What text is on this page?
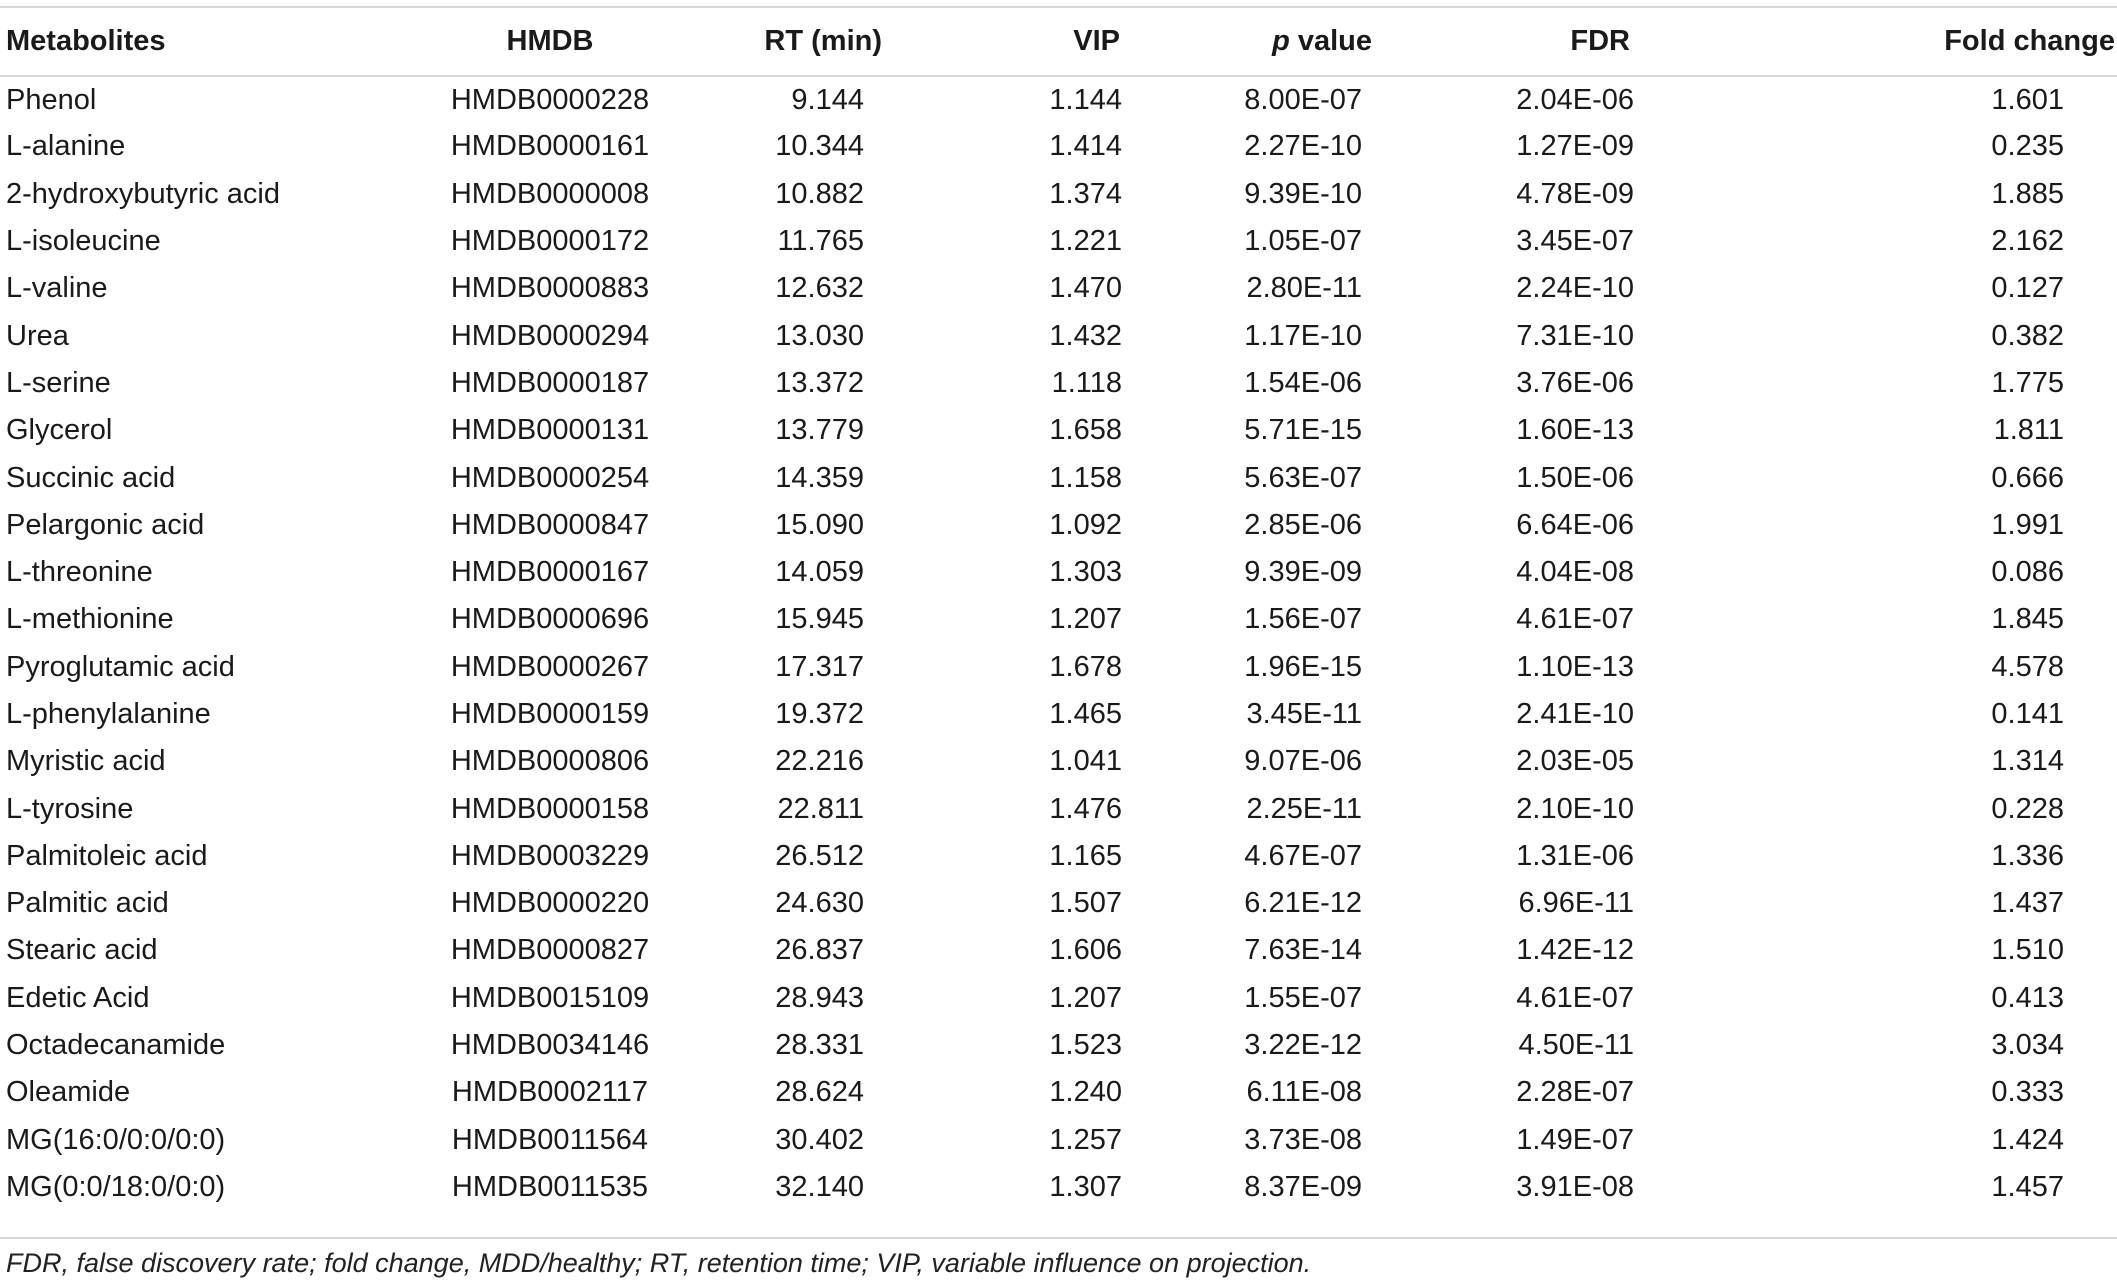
Metabolites	HMDB	RT (min)	VIP	p value	FDR	Fold change
Phenol	HMDB0000228	9.144	1.144	8.00E-07	2.04E-06	1.601
L-alanine	HMDB0000161	10.344	1.414	2.27E-10	1.27E-09	0.235
2-hydroxybutyric acid	HMDB0000008	10.882	1.374	9.39E-10	4.78E-09	1.885
L-isoleucine	HMDB0000172	11.765	1.221	1.05E-07	3.45E-07	2.162
L-valine	HMDB0000883	12.632	1.470	2.80E-11	2.24E-10	0.127
Urea	HMDB0000294	13.030	1.432	1.17E-10	7.31E-10	0.382
L-serine	HMDB0000187	13.372	1.118	1.54E-06	3.76E-06	1.775
Glycerol	HMDB0000131	13.779	1.658	5.71E-15	1.60E-13	1.811
Succinic acid	HMDB0000254	14.359	1.158	5.63E-07	1.50E-06	0.666
Pelargonic acid	HMDB0000847	15.090	1.092	2.85E-06	6.64E-06	1.991
L-threonine	HMDB0000167	14.059	1.303	9.39E-09	4.04E-08	0.086
L-methionine	HMDB0000696	15.945	1.207	1.56E-07	4.61E-07	1.845
Pyroglutamic acid	HMDB0000267	17.317	1.678	1.96E-15	1.10E-13	4.578
L-phenylalanine	HMDB0000159	19.372	1.465	3.45E-11	2.41E-10	0.141
Myristic acid	HMDB0000806	22.216	1.041	9.07E-06	2.03E-05	1.314
L-tyrosine	HMDB0000158	22.811	1.476	2.25E-11	2.10E-10	0.228
Palmitoleic acid	HMDB0003229	26.512	1.165	4.67E-07	1.31E-06	1.336
Palmitic acid	HMDB0000220	24.630	1.507	6.21E-12	6.96E-11	1.437
Stearic acid	HMDB0000827	26.837	1.606	7.63E-14	1.42E-12	1.510
Edetic Acid	HMDB0015109	28.943	1.207	1.55E-07	4.61E-07	0.413
Octadecanamide	HMDB0034146	28.331	1.523	3.22E-12	4.50E-11	3.034
Oleamide	HMDB0002117	28.624	1.240	6.11E-08	2.28E-07	0.333
MG(16:0/0:0/0:0)	HMDB0011564	30.402	1.257	3.73E-08	1.49E-07	1.424
MG(0:0/18:0/0:0)	HMDB0011535	32.140	1.307	8.37E-09	3.91E-08	1.457
FDR, false discovery rate; fold change, MDD/healthy; RT, retention time; VIP, variable influence on projection.
